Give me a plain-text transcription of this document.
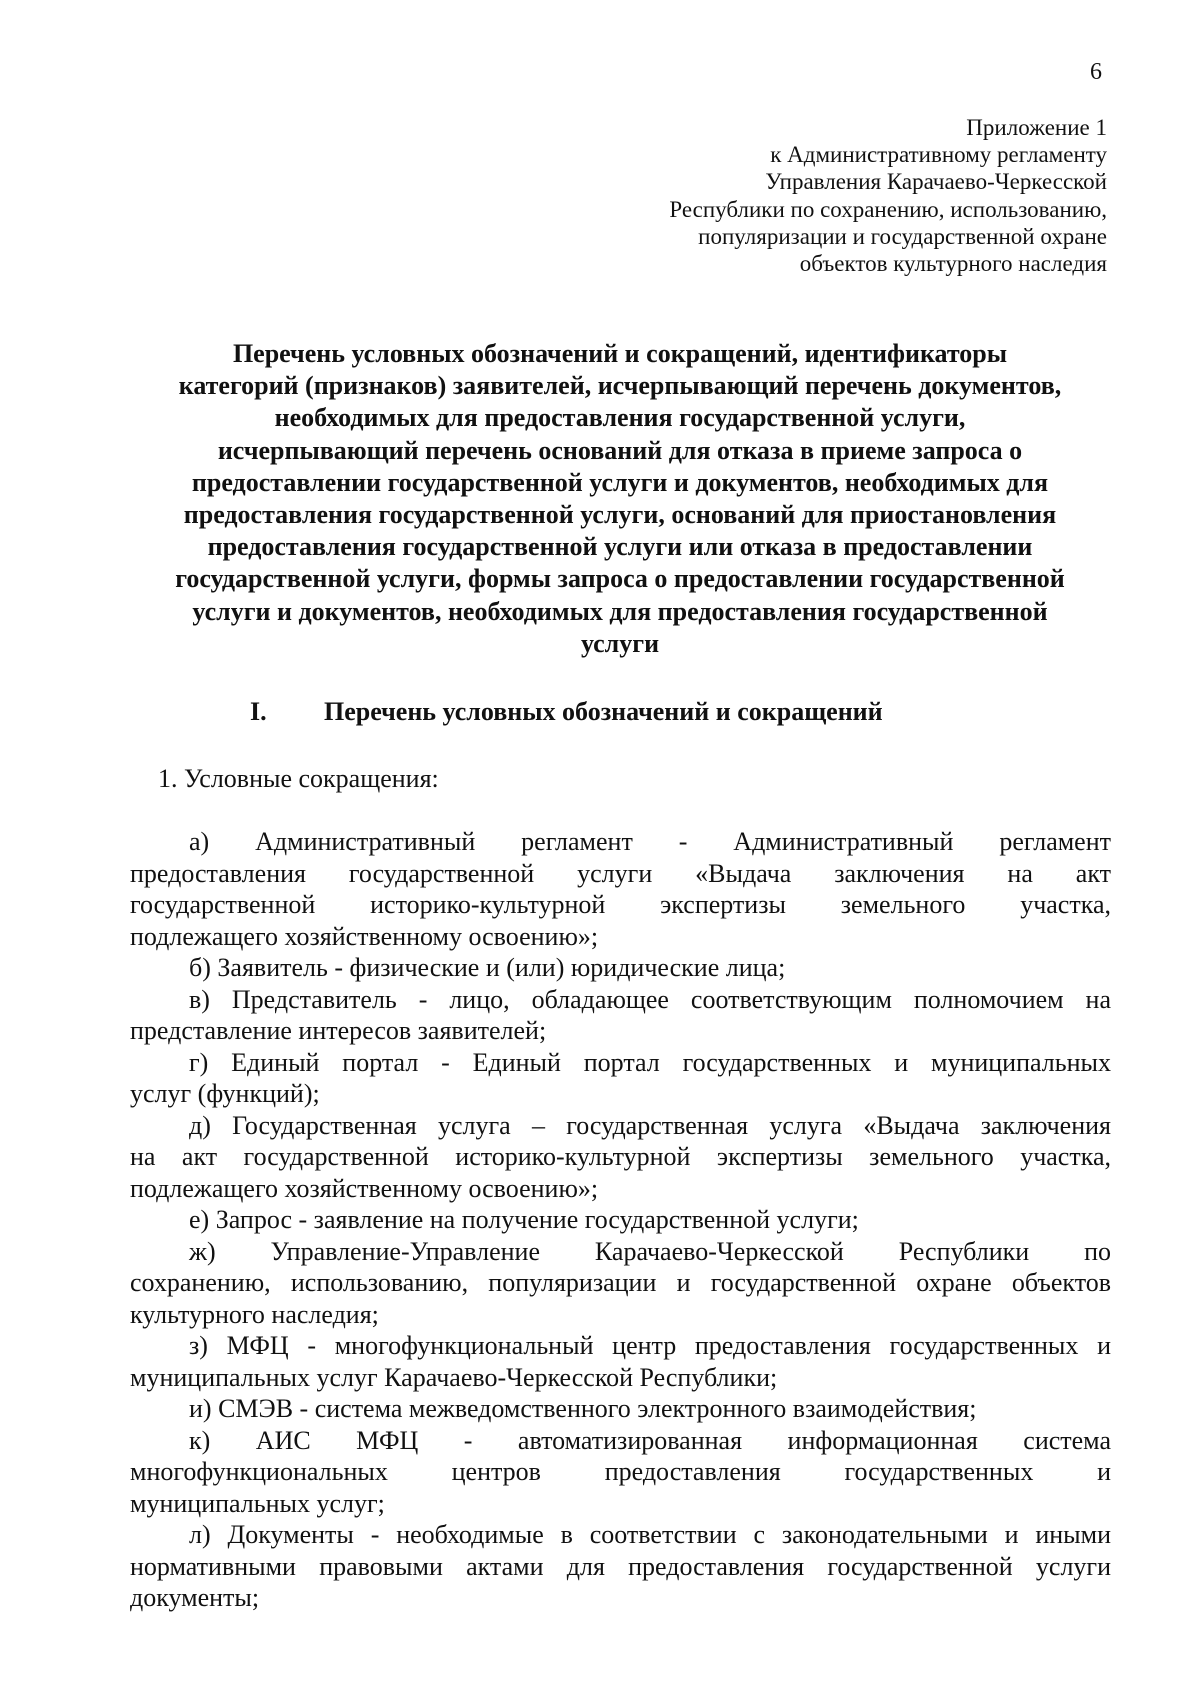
6
Приложение 1
к Административному регламенту
Управления Карачаево-Черкесской
Республики по сохранению, использованию,
популяризации и государственной охране
объектов культурного наследия
Перечень условных обозначений и сокращений, идентификаторы
категорий (признаков) заявителей, исчерпывающий перечень документов,
необходимых для предоставления государственной услуги,
исчерпывающий перечень оснований для отказа в приеме запроса о
предоставлении государственной услуги и документов, необходимых для
предоставления государственной услуги, оснований для приостановления
предоставления государственной услуги или отказа в предоставлении
государственной услуги, формы запроса о предоставлении государственной
услуги и документов, необходимых для предоставления государственной
услуги
I. Перечень условных обозначений и сокращений
1. Условные сокращения:
а) Административный регламент - Административный регламент
предоставления государственной услуги «Выдача заключения на акт
государственной историко-культурной экспертизы земельного участка,
подлежащего хозяйственному освоению»;
б) Заявитель - физические и (или) юридические лица;
в) Представитель - лицо, обладающее соответствующим полномочием на
представление интересов заявителей;
г) Единый портал - Единый портал государственных и муниципальных
услуг (функций);
д) Государственная услуга – государственная услуга «Выдача заключения
на акт государственной историко-культурной экспертизы земельного участка,
подлежащего хозяйственному освоению»;
е) Запрос - заявление на получение государственной услуги;
ж) Управление-Управление Карачаево-Черкесской Республики по
сохранению, использованию, популяризации и государственной охране объектов
культурного наследия;
з) МФЦ - многофункциональный центр предоставления государственных и
муниципальных услуг Карачаево-Черкесской Республики;
и) СМЭВ - система межведомственного электронного взаимодействия;
к) АИС МФЦ - автоматизированная информационная система
многофункциональных центров предоставления государственных и
муниципальных услуг;
л) Документы - необходимые в соответствии с законодательными и иными
нормативными правовыми актами для предоставления государственной услуги
документы;
